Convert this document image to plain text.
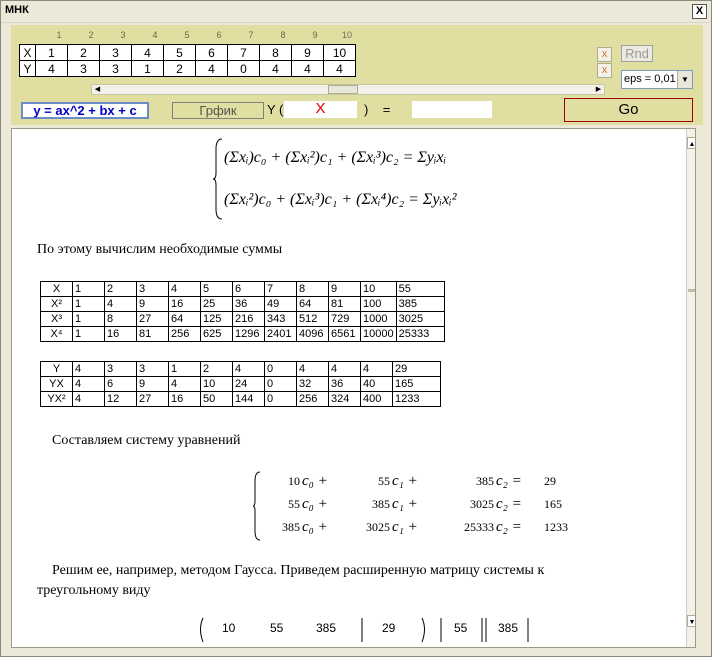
МНК	X
1	2	3	4	5	6	7	8	9	10
X	1	2	3	4	5	6	7	8	9	10
Y	4	3	3	1	2	4	0	4	4	4
◀	▶
x
x
Rnd
eps = 0,01 ▼
y = ax^2 + bx + c	Грфик	Y (	X	) =	Go
(Σxᵢ)c₀ + (Σxᵢ²)c₁ + (Σxᵢ³)c₂ = Σyᵢxᵢ
(Σxᵢ²)c₀ + (Σxᵢ³)c₁ + (Σxᵢ⁴)c₂ = Σyᵢxᵢ²
По этому вычислим необходимые суммы
X	1	2	3	4	5	6	7	8	9	10	55
X²	1	4	9	16	25	36	49	64	81	100	385
X³	1	8	27	64	125	216	343	512	729	1000	3025
X⁴	1	16	81	256	625	1296	2401	4096	6561	10000	25333
Y	4	3	3	1	2	4	0	4	4	4	29
YX	4	6	9	4	10	24	0	32	36	40	165
YX²	4	12	27	16	50	144	0	256	324	400	1233
Составляем систему уравнений
10	c₀ +	55	c₁ +	385	c₂ =	29
55	c₀ +	385	c₁ +	3025	c₂ =	165
385	c₀ +	3025	c₁ +	25333	c₂ =	1233
Решим ее, например, методом Гаусса. Приведем расширенную матрицу системы к
треугольному виду
10	55	385	29	55	385
▲
▼
